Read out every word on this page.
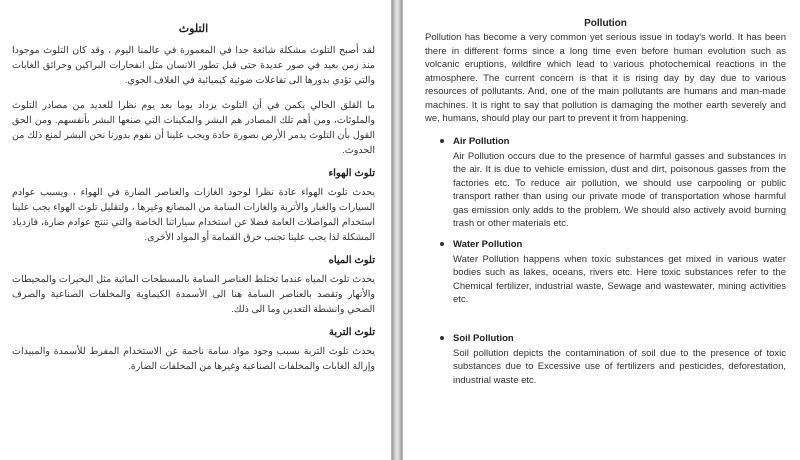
التلوث

لقد أصبح التلوث مشكلة شائعة جدا في المعمورة في عالمنا اليوم ، وقد كان التلوث موجودا منذ زمن بعيد في صور عديدة حتى قبل تطور الانسان مثل انفجارات البراكين وحرائق الغابات والتي تؤدي بدورها الى تفاعلات ضوئية كيميائية في الغلاف الجوي.

ما القلق الحالي يكمن في أن التلوث يزداد يوما بعد يوم نظرا للعديد من مصادر التلوث والملوثات، ومن أهم تلك المصادر هم البشر والمكينات التي صنعها البشر بأنفسهم. ومن الحق القول بأن التلوث يدمر الأرض بصورة حادة ويجب علينا أن نقوم بدورنا نحن البشر لمنع ذلك من الحدوث.

تلوث الهواء

يحدث تلوث الهواء عادة نظرا لوجود الغازات والعناصر الضارة في الهواء ، ويسبب عوادم السيارات والغبار والأتربة والغازات السامة من المصانع وغيرها ، ولتقليل تلوث الهواء يجب علينا استخدام المواصلات العامة فضلا عن استخدام سياراتنا الخاصة والتي تنتج عوادم ضارة، فازدياد المشكلة لذا يجب علينا تجنب حرق القمامة أو المواد الأخرى.

تلوث المياه

يحدث تلوث المياه عندما تختلط العناصر السامة بالمسطحات المائية مثل البحيرات والمحيطات والأنهار وتقصد بالعناصر السامة هنا الى الأسمدة الكيماوية والمخلفات الصناعية والصرف الصحي وانشطة التعدين وما الى ذلك.

تلوث التربة

يحدث تلوث التربة بسبب وجود مواد سامة ناجمة عن الاستخدام المفرط للأسمدة والمبيدات وإزالة الغابات والمخلفات الصناعية وغيرها من المخلفات الضارة.

Pollution

Pollution has become a very common yet serious issue in today's world. It has been there in different forms since a long time even before human evolution such as volcanic eruptions, wildfire which lead to various photochemical reactions in the atmosphere. The current concern is that it is rising day by day due to various resources of pollutants. And, one of the main pollutants are humans and man-made machines. It is right to say that pollution is damaging the mother earth severely and we, humans, should play our part to prevent it from happening.

Air Pollution

Air Pollution occurs due to the presence of harmful gasses and substances in the air. It is due to vehicle emission, dust and dirt, poisonous gasses from the factories etc. To reduce air pollution, we should use carpooling or public transport rather than using our private mode of transportation whose harmful gas emission only adds to the problem. We should also actively avoid burning trash or other materials etc.

Water Pollution

Water Pollution happens when toxic substances get mixed in various water bodies such as lakes, oceans, rivers etc. Here toxic substances refer to the Chemical fertilizer, industrial waste, Sewage and wastewater, mining activities etc.

Soil Pollution

Soil pollution depicts the contamination of soil due to the presence of toxic substances due to Excessive use of fertilizers and pesticides, deforestation, industrial waste etc.
